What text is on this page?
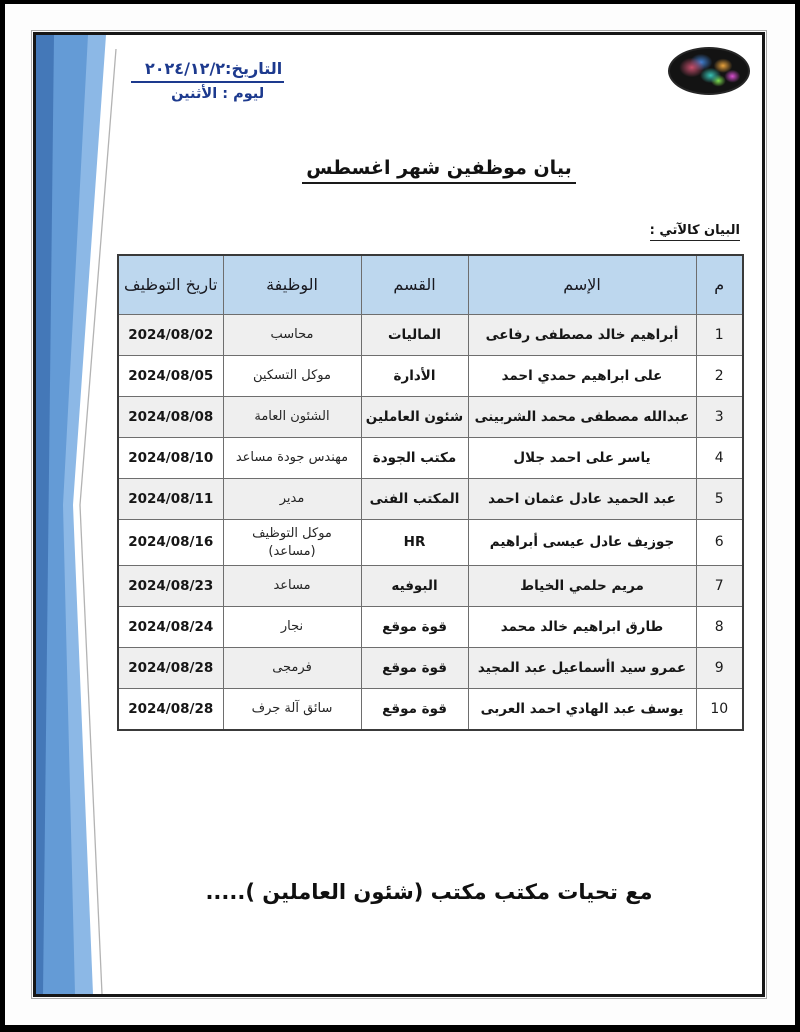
التاريخ:٢٠٢٤/١٢/٢

ليوم : الأثنين
بيان موظفين شهر اغسطس
البيان كالآتي :
م	الإسم	القسم	الوظيفة	تاريخ التوظيف
1	أبراهيم خالد مصطفى رفاعى	الماليات	محاسب	2024/08/02
2	على ابراهيم حمدي احمد	الأدارة	موكل التسكين	2024/08/05
3	عبدالله مصطفى محمد الشربينى	شئون العاملين	الشئون العامة	2024/08/08
4	ياسر على احمد جلال	مكتب الجودة	مهندس جودة مساعد	2024/08/10
5	عبد الحميد عادل عثمان احمد	المكتب الفنى	مدير	2024/08/11
6	جوزيف عادل عيسى أبراهيم	HR	موكل التوظيف (مساعد)	2024/08/16
7	مريم حلمي الخياط	البوفيه	مساعد	2024/08/23
8	طارق ابراهيم خالد محمد	قوة موقع	نجار	2024/08/24
9	عمرو سيد اأسماعيل عبد المجيد	قوة موقع	فرمجى	2024/08/28
10	يوسف عبد الهادي احمد العربى	قوة موقع	سائق آلة جرف	2024/08/28
مع تحيات مكتب مكتب (شئون العاملين ).....
